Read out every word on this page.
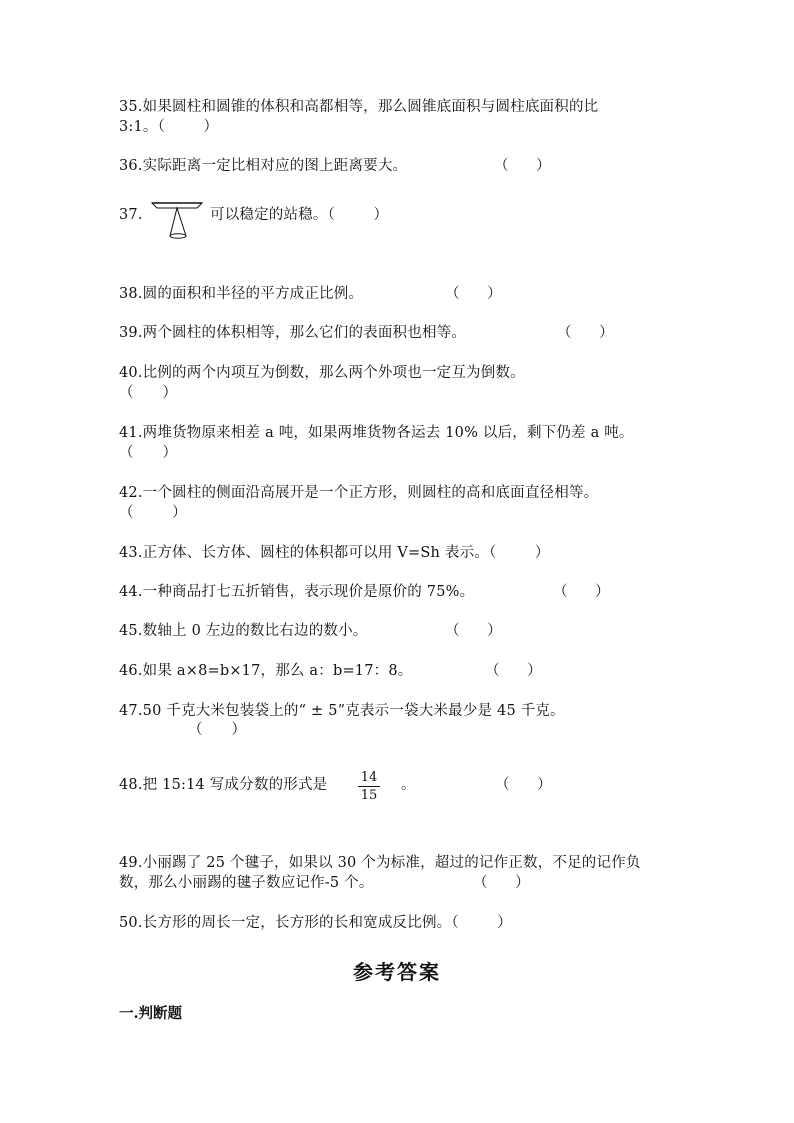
35.如果圆柱和圆锥的体积和高都相等，那么圆锥底面积与圆柱底面积的比
3:1。（        ）
36.实际距离一定比相对应的图上距离要大。	（      ）
37.	可以稳定的站稳。（        ）
38.圆的面积和半径的平方成正比例。	（      ）
39.两个圆柱的体积相等，那么它们的表面积也相等。	（      ）
40.比例的两个内项互为倒数，那么两个外项也一定互为倒数。
（      ）
41.两堆货物原来相差 a 吨，如果两堆货物各运去 10% 以后，剩下仍差 a 吨。
（      ）
42.一个圆柱的侧面沿高展开是一个正方形，则圆柱的高和底面直径相等。
（        ）
43.正方体、长方体、圆柱的体积都可以用 V=Sh 表示。（        ）
44.一种商品打七五折销售，表示现价是原价的 75%。	（      ）
45.数轴上 0 左边的数比右边的数小。	（      ）
46.如果 a×8=b×17，那么 a：b=17：8。	（      ）
47.50 千克大米包装袋上的“ ± 5”克表示一袋大米最少是 45 千克。
（      ）
48.把 15:14 写成分数的形式是	14
15
。	（      ）
49.小丽踢了 25 个毽子，如果以 30 个为标准，超过的记作正数，不足的记作负
数，那么小丽踢的毽子数应记作-5 个。	（      ）
50.长方形的周长一定，长方形的长和宽成反比例。（        ）
参考答案
一.判断题
